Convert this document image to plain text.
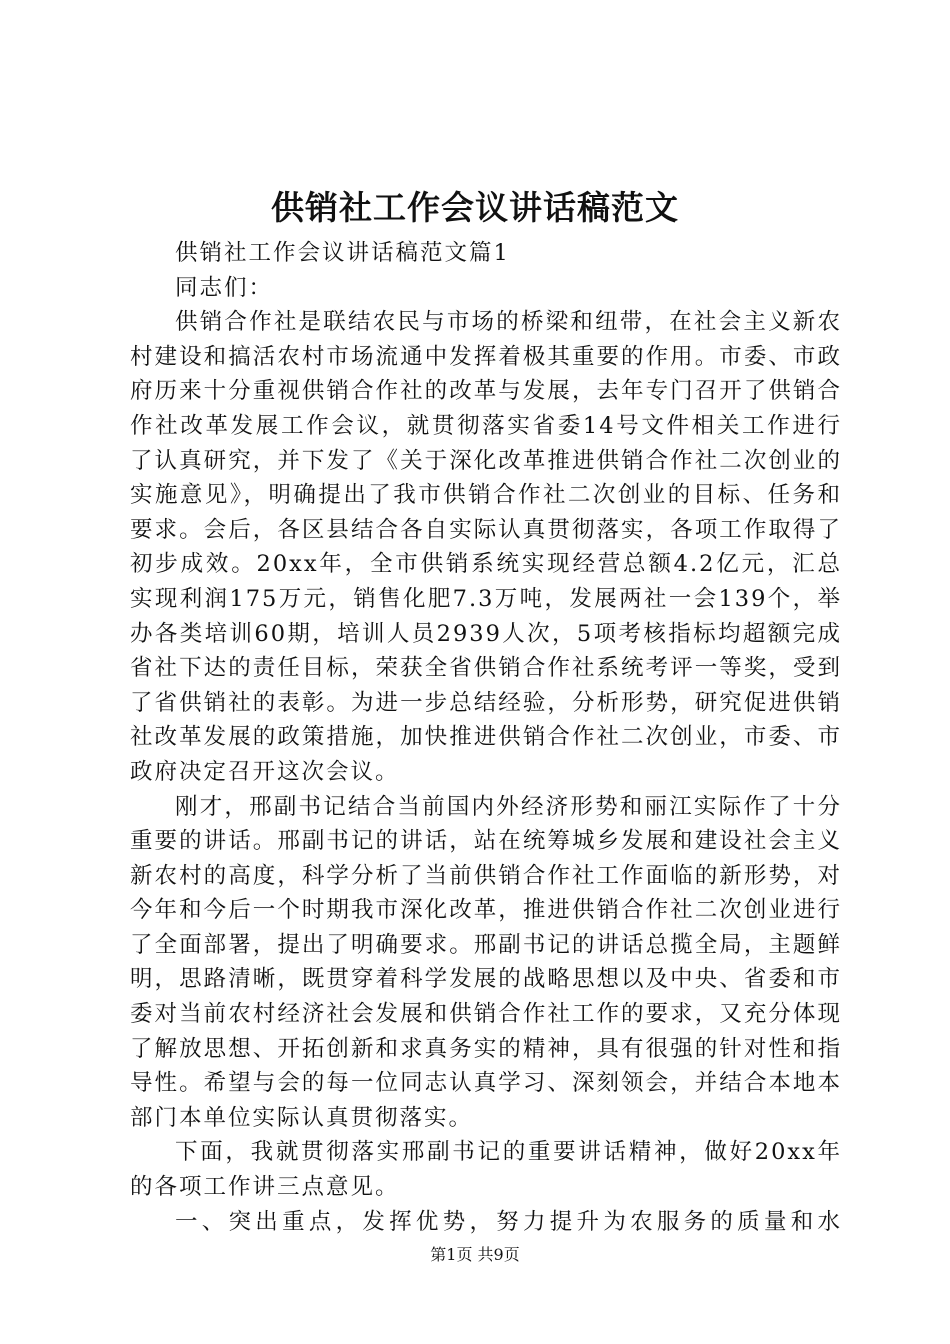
供销社工作会议讲话稿范文

供销社工作会议讲话稿范文篇1

同志们：

供销合作社是联结农民与市场的桥梁和纽带，在社会主义新农村建设和搞活农村市场流通中发挥着极其重要的作用。市委、市政府历来十分重视供销合作社的改革与发展，去年专门召开了供销合作社改革发展工作会议，就贯彻落实省委14号文件相关工作进行了认真研究，并下发了《关于深化改革推进供销合作社二次创业的实施意见》，明确提出了我市供销合作社二次创业的目标、任务和要求。会后，各区县结合各自实际认真贯彻落实，各项工作取得了初步成效。20xx年，全市供销系统实现经营总额4.2亿元，汇总实现利润175万元，销售化肥7.3万吨，发展两社一会139个，举办各类培训60期，培训人员2939人次，5项考核指标均超额完成省社下达的责任目标，荣获全省供销合作社系统考评一等奖，受到了省供销社的表彰。为进一步总结经验，分析形势，研究促进供销社改革发展的政策措施，加快推进供销合作社二次创业，市委、市政府决定召开这次会议。

刚才，邢副书记结合当前国内外经济形势和丽江实际作了十分重要的讲话。邢副书记的讲话，站在统筹城乡发展和建设社会主义新农村的高度，科学分析了当前供销合作社工作面临的新形势，对今年和今后一个时期我市深化改革，推进供销合作社二次创业进行了全面部署，提出了明确要求。邢副书记的讲话总揽全局，主题鲜明，思路清晰，既贯穿着科学发展的战略思想以及中央、省委和市委对当前农村经济社会发展和供销合作社工作的要求，又充分体现了解放思想、开拓创新和求真务实的精神，具有很强的针对性和指导性。希望与会的每一位同志认真学习、深刻领会，并结合本地本部门本单位实际认真贯彻落实。

下面，我就贯彻落实邢副书记的重要讲话精神，做好20xx年的各项工作讲三点意见。

一、突出重点，发挥优势，努力提升为农服务的质量和水

第1页 共9页
